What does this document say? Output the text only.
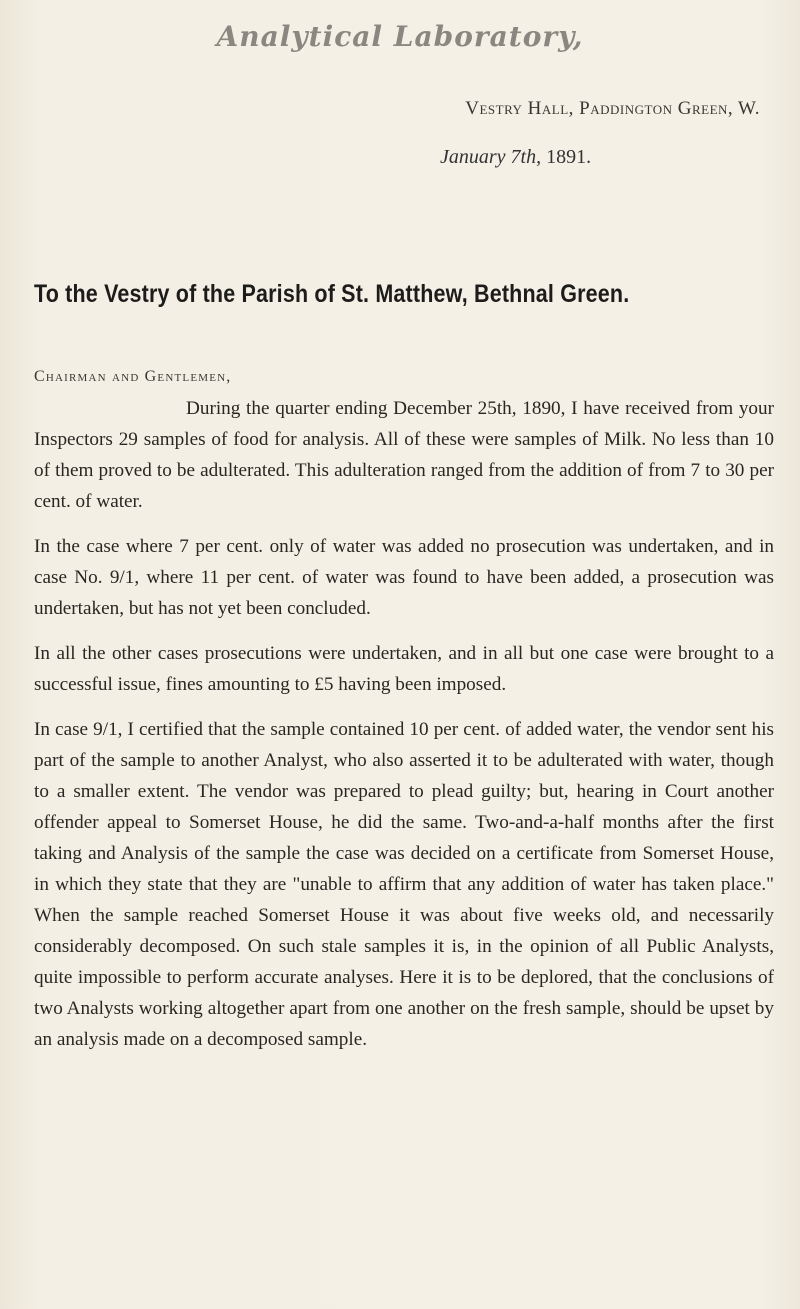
Analytical Laboratory,
Vestry Hall, Paddington Green, W.
January 7th, 1891.
To the Vestry of the Parish of St. Matthew, Bethnal Green.
Chairman and Gentlemen,

During the quarter ending December 25th, 1890, I have received from your Inspectors 29 samples of food for analysis. All of these were samples of Milk. No less than 10 of them proved to be adulterated. This adulteration ranged from the addition of from 7 to 30 per cent. of water.

In the case where 7 per cent. only of water was added no prosecution was undertaken, and in case No. 9/1, where 11 per cent. of water was found to have been added, a prosecution was undertaken, but has not yet been concluded.

In all the other cases prosecutions were undertaken, and in all but one case were brought to a successful issue, fines amounting to £5 having been imposed.

In case 9/1, I certified that the sample contained 10 per cent. of added water, the vendor sent his part of the sample to another Analyst, who also asserted it to be adulterated with water, though to a smaller extent. The vendor was prepared to plead guilty; but, hearing in Court another offender appeal to Somerset House, he did the same. Two-and-a-half months after the first taking and Analysis of the sample the case was decided on a certificate from Somerset House, in which they state that they are "unable to affirm that any addition of water has taken place." When the sample reached Somerset House it was about five weeks old, and necessarily considerably decomposed. On such stale samples it is, in the opinion of all Public Analysts, quite impossible to perform accurate analyses. Here it is to be deplored, that the conclusions of two Analysts working altogether apart from one another on the fresh sample, should be upset by an analysis made on a decomposed sample.
